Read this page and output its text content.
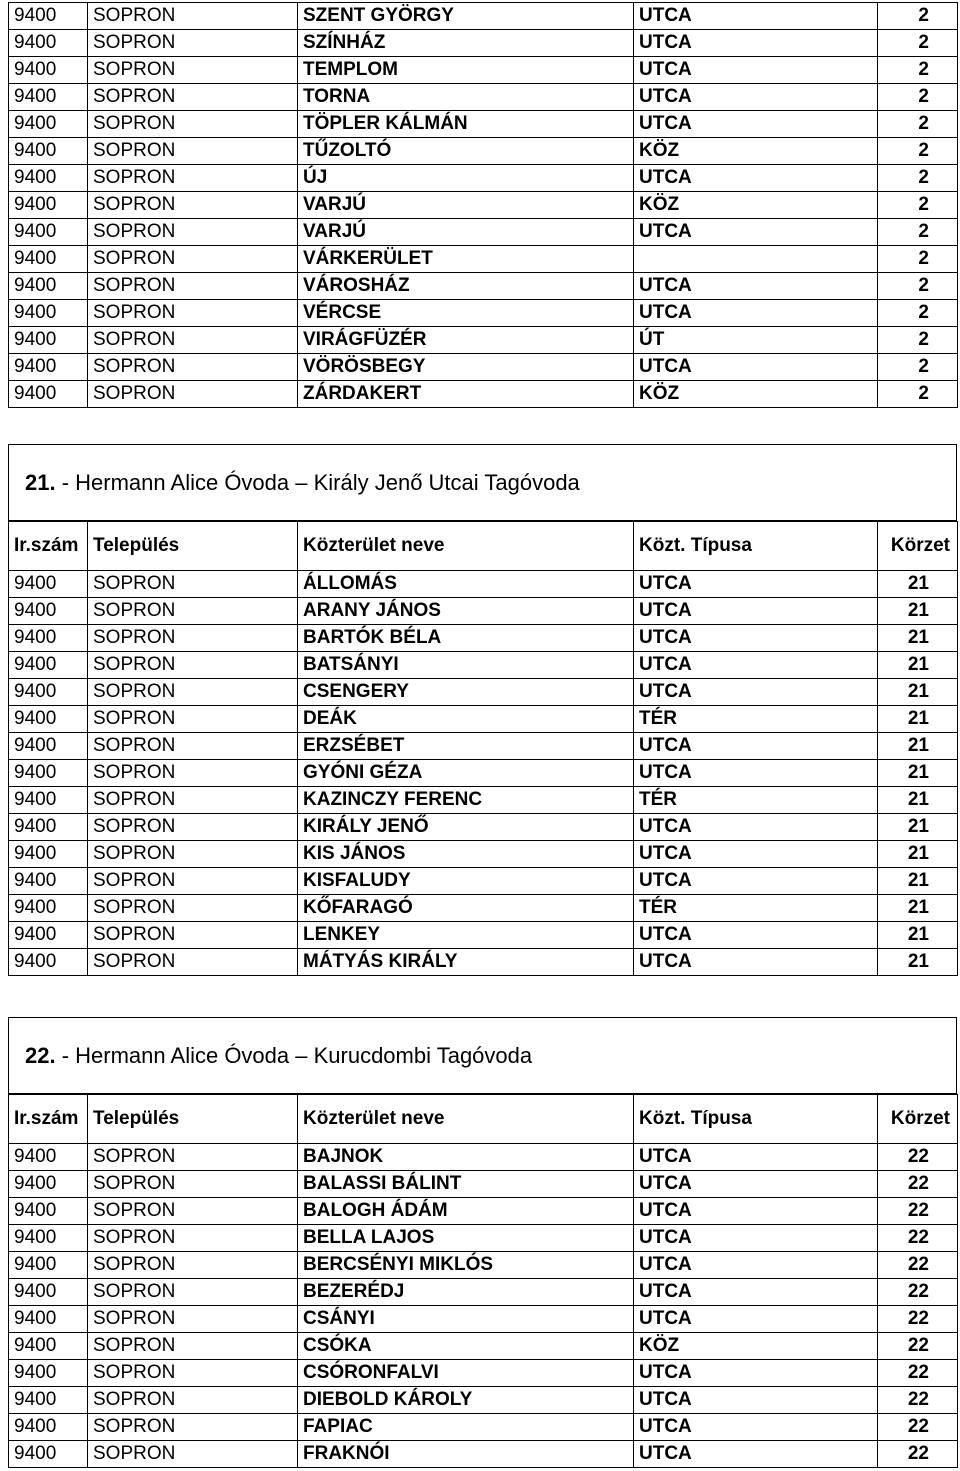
9400	SOPRON	SZENT GYÖRGY	UTCA	2
9400	SOPRON	SZÍNHÁZ	UTCA	2
9400	SOPRON	TEMPLOM	UTCA	2
9400	SOPRON	TORNA	UTCA	2
9400	SOPRON	TÖPLER KÁLMÁN	UTCA	2
9400	SOPRON	TŰZOLTÓ	KÖZ	2
9400	SOPRON	ÚJ	UTCA	2
9400	SOPRON	VARJÚ	KÖZ	2
9400	SOPRON	VARJÚ	UTCA	2
9400	SOPRON	VÁRKERÜLET		2
9400	SOPRON	VÁROSHÁZ	UTCA	2
9400	SOPRON	VÉRCSE	UTCA	2
9400	SOPRON	VIRÁGFÜZÉR	ÚT	2
9400	SOPRON	VÖRÖSBEGY	UTCA	2
9400	SOPRON	ZÁRDAKERT	KÖZ	2
21. - Hermann Alice Óvoda – Király Jenő Utcai Tagóvoda
Ir.szám	Település	Közterület neve	Közt. Típusa	Körzet
9400	SOPRON	ÁLLOMÁS	UTCA	21
9400	SOPRON	ARANY JÁNOS	UTCA	21
9400	SOPRON	BARTÓK BÉLA	UTCA	21
9400	SOPRON	BATSÁNYI	UTCA	21
9400	SOPRON	CSENGERY	UTCA	21
9400	SOPRON	DEÁK	TÉR	21
9400	SOPRON	ERZSÉBET	UTCA	21
9400	SOPRON	GYÓNI GÉZA	UTCA	21
9400	SOPRON	KAZINCZY FERENC	TÉR	21
9400	SOPRON	KIRÁLY JENŐ	UTCA	21
9400	SOPRON	KIS JÁNOS	UTCA	21
9400	SOPRON	KISFALUDY	UTCA	21
9400	SOPRON	KŐFARAGÓ	TÉR	21
9400	SOPRON	LENKEY	UTCA	21
9400	SOPRON	MÁTYÁS KIRÁLY	UTCA	21
22. - Hermann Alice Óvoda – Kurucdombi Tagóvoda
Ir.szám	Település	Közterület neve	Közt. Típusa	Körzet
9400	SOPRON	BAJNOK	UTCA	22
9400	SOPRON	BALASSI BÁLINT	UTCA	22
9400	SOPRON	BALOGH ÁDÁM	UTCA	22
9400	SOPRON	BELLA LAJOS	UTCA	22
9400	SOPRON	BERCSÉNYI MIKLÓS	UTCA	22
9400	SOPRON	BEZERÉDJ	UTCA	22
9400	SOPRON	CSÁNYI	UTCA	22
9400	SOPRON	CSÓKA	KÖZ	22
9400	SOPRON	CSÓRONFALVI	UTCA	22
9400	SOPRON	DIEBOLD KÁROLY	UTCA	22
9400	SOPRON	FAPIAC	UTCA	22
9400	SOPRON	FRAKNÓI	UTCA	22
